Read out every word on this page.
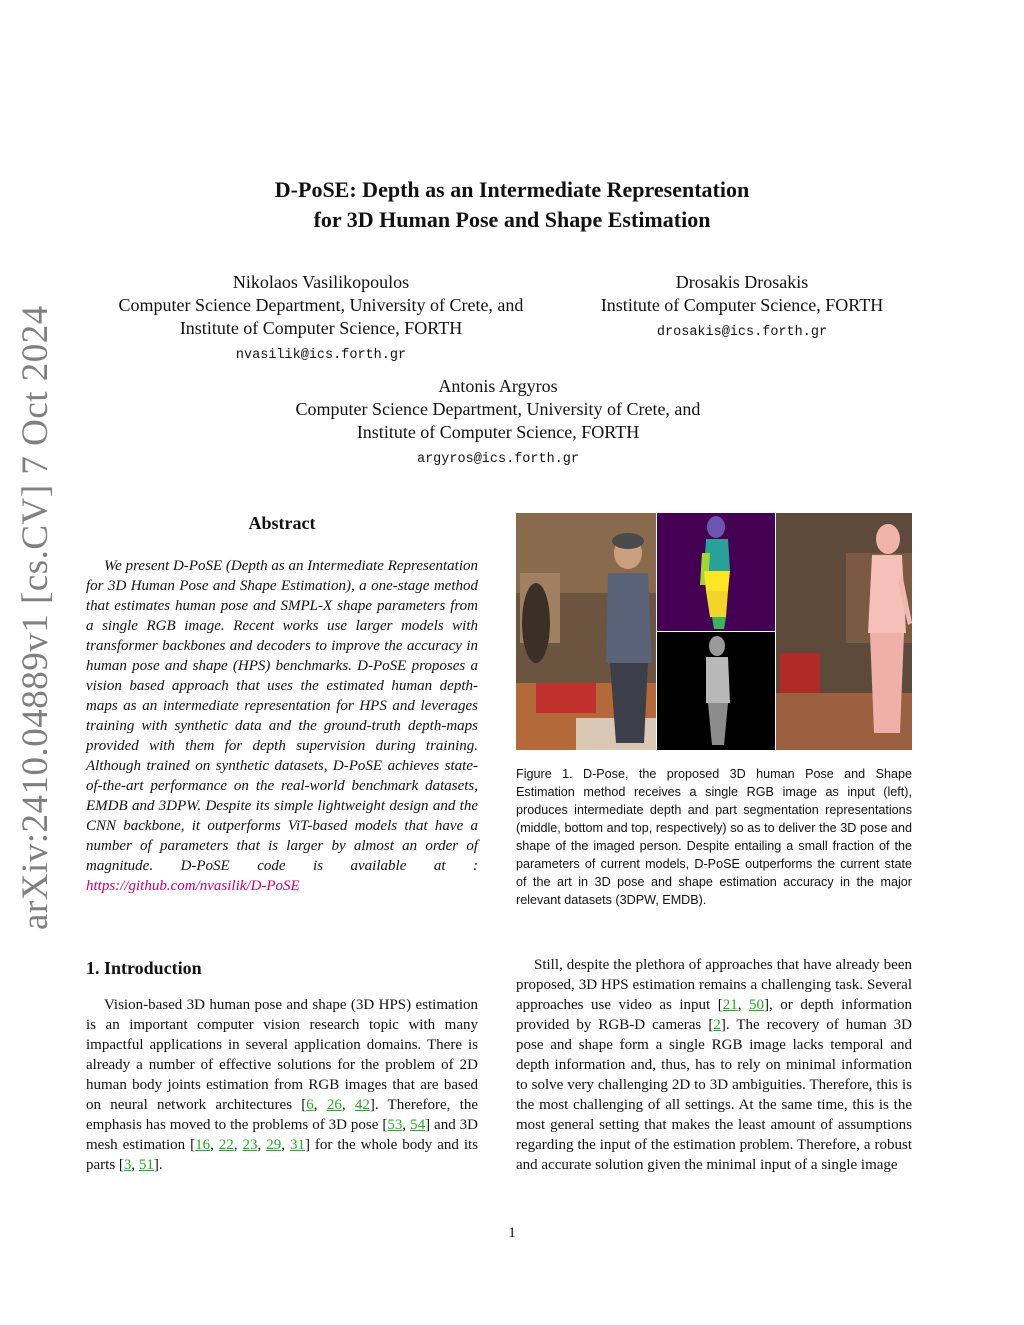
arXiv:2410.04889v1 [cs.CV] 7 Oct 2024
D-PoSE: Depth as an Intermediate Representation
for 3D Human Pose and Shape Estimation
Nikolaos Vasilikopoulos
Computer Science Department, University of Crete, and
Institute of Computer Science, FORTH
nvasilik@ics.forth.gr
Drosakis Drosakis
Institute of Computer Science, FORTH
drosakis@ics.forth.gr
Antonis Argyros
Computer Science Department, University of Crete, and
Institute of Computer Science, FORTH
argyros@ics.forth.gr
Abstract
We present D-PoSE (Depth as an Intermediate Representation for 3D Human Pose and Shape Estimation), a one-stage method that estimates human pose and SMPL-X shape parameters from a single RGB image. Recent works use larger models with transformer backbones and decoders to improve the accuracy in human pose and shape (HPS) benchmarks. D-PoSE proposes a vision based approach that uses the estimated human depth-maps as an intermediate representation for HPS and leverages training with synthetic data and the ground-truth depth-maps provided with them for depth supervision during training. Although trained on synthetic datasets, D-PoSE achieves state-of-the-art performance on the real-world benchmark datasets, EMDB and 3DPW. Despite its simple lightweight design and the CNN backbone, it outperforms ViT-based models that have a number of parameters that is larger by almost an order of magnitude. D-PoSE code is available at : https://github.com/nvasilik/D-PoSE
Figure 1. D-Pose, the proposed 3D human Pose and Shape Estimation method receives a single RGB image as input (left), produces intermediate depth and part segmentation representations (middle, bottom and top, respectively) so as to deliver the 3D pose and shape of the imaged person. Despite entailing a small fraction of the parameters of current models, D-PoSE outperforms the current state of the art in 3D pose and shape estimation accuracy in the major relevant datasets (3DPW, EMDB).
1. Introduction
Vision-based 3D human pose and shape (3D HPS) estimation is an important computer vision research topic with many impactful applications in several application domains. There is already a number of effective solutions for the problem of 2D human body joints estimation from RGB images that are based on neural network architectures [6, 26, 42]. Therefore, the emphasis has moved to the problems of 3D pose [53, 54] and 3D mesh estimation [16, 22, 23, 29, 31] for the whole body and its parts [3, 51].
Still, despite the plethora of approaches that have already been proposed, 3D HPS estimation remains a challenging task. Several approaches use video as input [21, 50], or depth information provided by RGB-D cameras [2]. The recovery of human 3D pose and shape form a single RGB image lacks temporal and depth information and, thus, has to rely on minimal information to solve very challenging 2D to 3D ambiguities. Therefore, this is the most challenging of all settings. At the same time, this is the most general setting that makes the least amount of assumptions regarding the input of the estimation problem. Therefore, a robust and accurate solution given the minimal input of a single image
1
